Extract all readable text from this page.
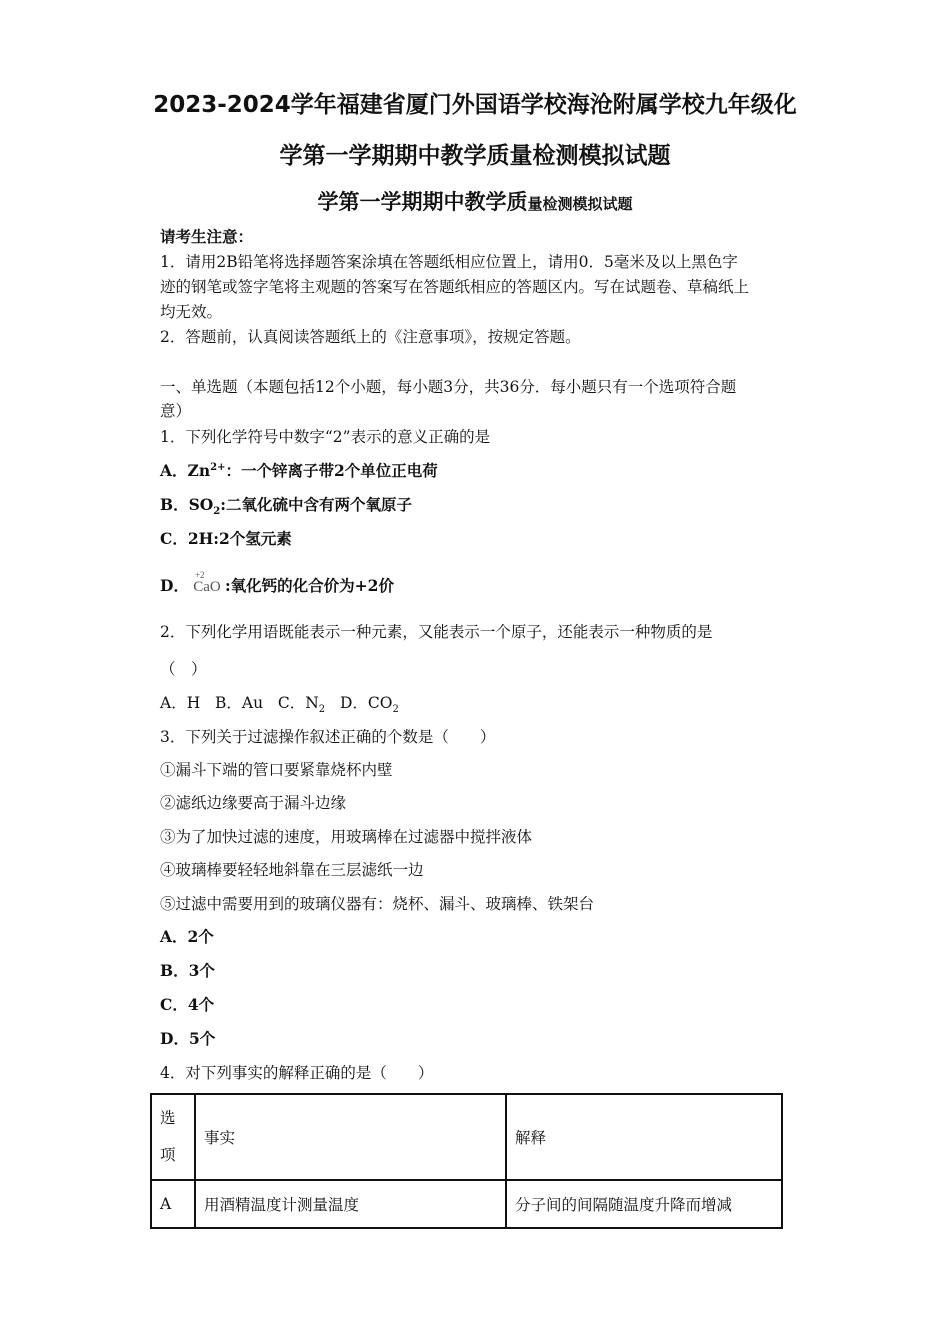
2023-2024学年福建省厦门外国语学校海沧附属学校九年级化
学第一学期期中教学质量检测模拟试题
学第一学期期中教学质量检测模拟试题
请考生注意：
1．请用2B铅笔将选择题答案涂填在答题纸相应位置上，请用0．5毫米及以上黑色字
迹的钢笔或签字笔将主观题的答案写在答题纸相应的答题区内。写在试题卷、草稿纸上
均无效。
2．答题前，认真阅读答题纸上的《注意事项》，按规定答题。
一、单选题（本题包括12个小题，每小题3分，共36分．每小题只有一个选项符合题
意）
1．下列化学符号中数字“2”表示的意义正确的是
A．$Zn^{2+}$：一个锌离子带2个单位正电荷
B．$SO_2$:二氧化硫中含有两个氧原子
C．2H:2个氢元素
D．
+2
CaO :氧化钙的化合价为+2价
2．下列化学用语既能表示一种元素，又能表示一个原子，还能表示一种物质的是
（　）
A．H B．Au C．$N_2$ D．$CO_2$
3．下列关于过滤操作叙述正确的个数是（　　）
①漏斗下端的管口要紧靠烧杯内壁
②滤纸边缘要高于漏斗边缘
③为了加快过滤的速度，用玻璃棒在过滤器中搅拌液体
④玻璃棒要轻轻地斜靠在三层滤纸一边
⑤过滤中需要用到的玻璃仪器有：烧杯、漏斗、玻璃棒、铁架台
A．2个
B．3个
C．4个
D．5个
4．对下列事实的解释正确的是（　　）
选
项	事实	解释
A	用酒精温度计测量温度	分子间的间隔随温度升降而增减
